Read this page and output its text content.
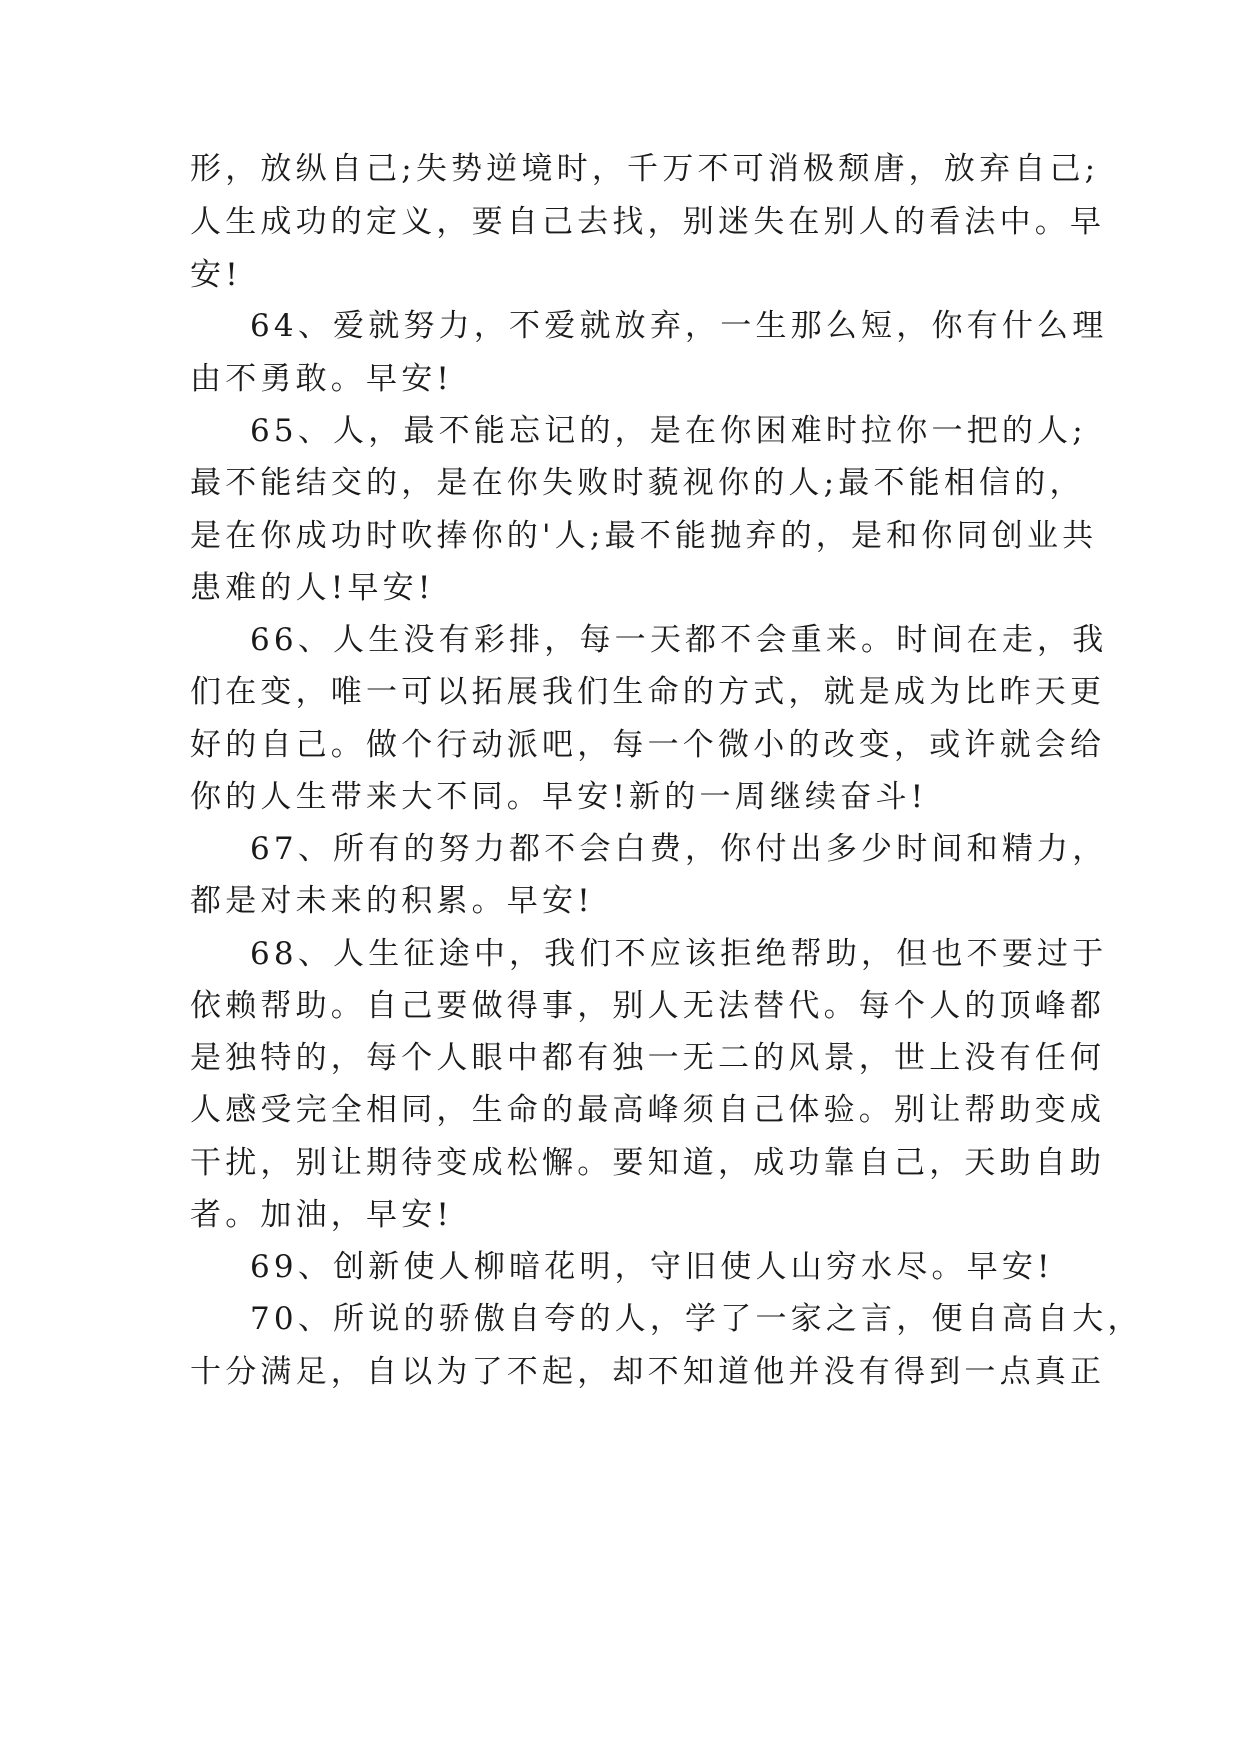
形，放纵自己;失势逆境时，千万不可消极颓唐，放弃自己;
人生成功的定义，要自己去找，别迷失在别人的看法中。早
安!
64、爱就努力，不爱就放弃，一生那么短，你有什么理
由不勇敢。早安!
65、人，最不能忘记的，是在你困难时拉你一把的人;
最不能结交的，是在你失败时藐视你的人;最不能相信的，
是在你成功时吹捧你的'人;最不能抛弃的，是和你同创业共
患难的人!早安!
66、人生没有彩排，每一天都不会重来。时间在走，我
们在变，唯一可以拓展我们生命的方式，就是成为比昨天更
好的自己。做个行动派吧，每一个微小的改变，或许就会给
你的人生带来大不同。早安!新的一周继续奋斗!
67、所有的努力都不会白费，你付出多少时间和精力，
都是对未来的积累。早安!
68、人生征途中，我们不应该拒绝帮助，但也不要过于
依赖帮助。自己要做得事，别人无法替代。每个人的顶峰都
是独特的，每个人眼中都有独一无二的风景，世上没有任何
人感受完全相同，生命的最高峰须自己体验。别让帮助变成
干扰，别让期待变成松懈。要知道，成功靠自己，天助自助
者。加油，早安!
69、创新使人柳暗花明，守旧使人山穷水尽。早安!
70、所说的骄傲自夸的人，学了一家之言，便自高自大，
十分满足，自以为了不起，却不知道他并没有得到一点真正
